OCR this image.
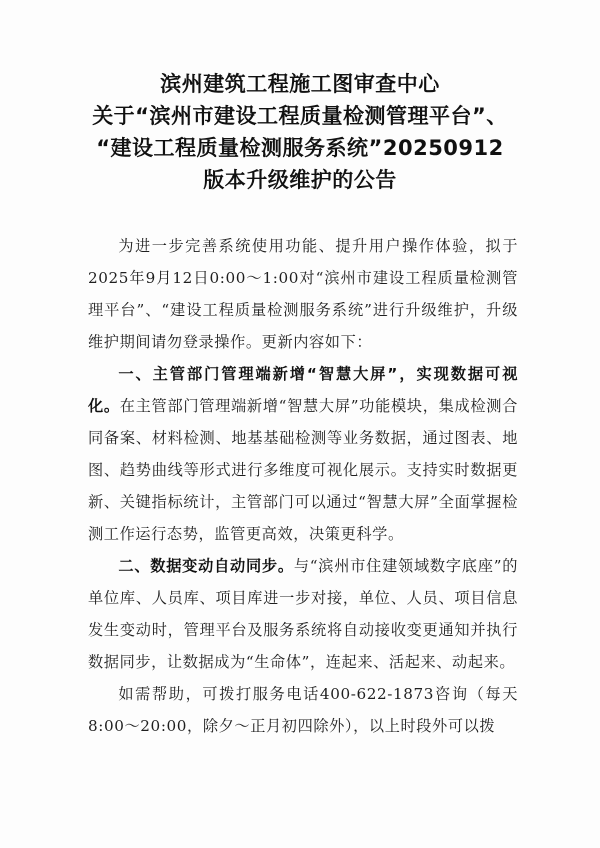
滨州建筑工程施工图审查中心
关于“滨州市建设工程质量检测管理平台”、
“建设工程质量检测服务系统”20250912
版本升级维护的公告

为进一步完善系统使用功能、提升用户操作体验，拟于2025年9月12日0:00～1:00对“滨州市建设工程质量检测管理平台”、“建设工程质量检测服务系统”进行升级维护，升级维护期间请勿登录操作。更新内容如下：

一、主管部门管理端新增“智慧大屏”，实现数据可视化。在主管部门管理端新增“智慧大屏”功能模块，集成检测合同备案、材料检测、地基基础检测等业务数据，通过图表、地图、趋势曲线等形式进行多维度可视化展示。支持实时数据更新、关键指标统计，主管部门可以通过“智慧大屏”全面掌握检测工作运行态势，监管更高效，决策更科学。

二、数据变动自动同步。与“滨州市住建领域数字底座”的单位库、人员库、项目库进一步对接，单位、人员、项目信息发生变动时，管理平台及服务系统将自动接收变更通知并执行数据同步，让数据成为“生命体”，连起来、活起来、动起来。

如需帮助，可拨打服务电话400-622-1873咨询（每天8:00～20:00，除夕～正月初四除外），以上时段外可以拨
